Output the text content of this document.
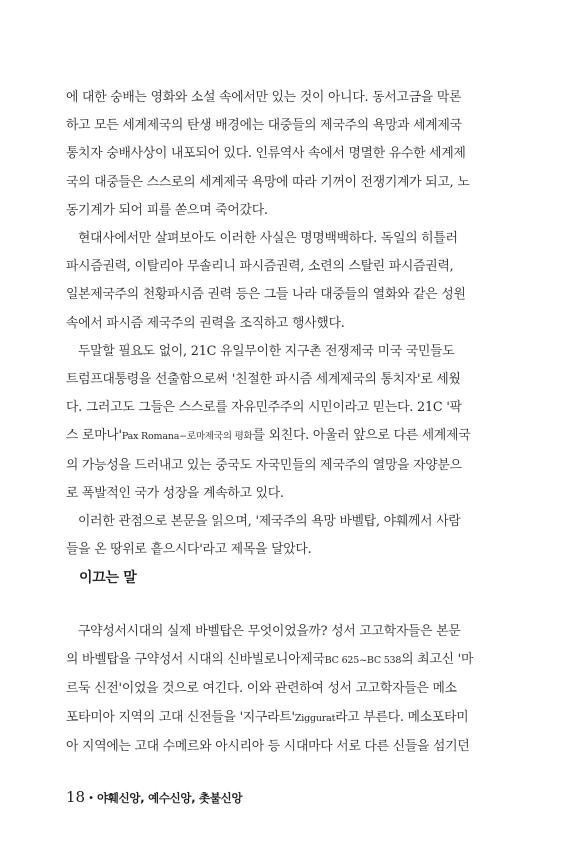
에 대한 숭배는 영화와 소설 속에서만 있는 것이 아니다. 동서고금을 막론
하고 모든 세계제국의 탄생 배경에는 대중들의 제국주의 욕망과 세계제국
통치자 숭배사상이 내포되어 있다. 인류역사 속에서 명멸한 유수한 세계제
국의 대중들은 스스로의 세계제국 욕망에 따라 기꺼이 전쟁기계가 되고, 노
동기계가 되어 피를 쏟으며 죽어갔다.

현대사에서만 살펴보아도 이러한 사실은 명명백백하다. 독일의 히틀러
파시즘권력, 이탈리아 무솔리니 파시즘권력, 소련의 스탈린 파시즘권력,
일본제국주의 천황파시즘 권력 등은 그들 나라 대중들의 열화와 같은 성원
속에서 파시즘 제국주의 권력을 조직하고 행사했다.

두말할 필요도 없이, 21C 유일무이한 지구촌 전쟁제국 미국 국민들도
트럼프대통령을 선출함으로써 '친절한 파시즘 세계제국의 통치자'로 세웠
다. 그러고도 그들은 스스로를 자유민주주의 시민이라고 믿는다. 21C '팍
스 로마나'Pax Romana−로마제국의 평화를 외친다. 아울러 앞으로 다른 세계제국
의 가능성을 드러내고 있는 중국도 자국민들의 제국주의 열망을 자양분으
로 폭발적인 국가 성장을 계속하고 있다.

이러한 관점으로 본문을 읽으며, '제국주의 욕망 바벨탑, 야훼께서 사람
들을 온 땅위로 흩으시다'라고 제목을 달았다.

이끄는 말

구약성서시대의 실제 바벨탑은 무엇이었을까? 성서 고고학자들은 본문
의 바벨탑을 구약성서 시대의 신바빌로니아제국BC 625~BC 538의 최고신 '마
르둑 신전'이었을 것으로 여긴다. 이와 관련하여 성서 고고학자들은 메소
포타미아 지역의 고대 신전들을 '지구라트'Ziggurat라고 부른다. 메소포타미
아 지역에는 고대 수메르와 아시리아 등 시대마다 서로 다른 신들을 섬기던

18 • 야훼신앙, 예수신앙, 촛불신앙
